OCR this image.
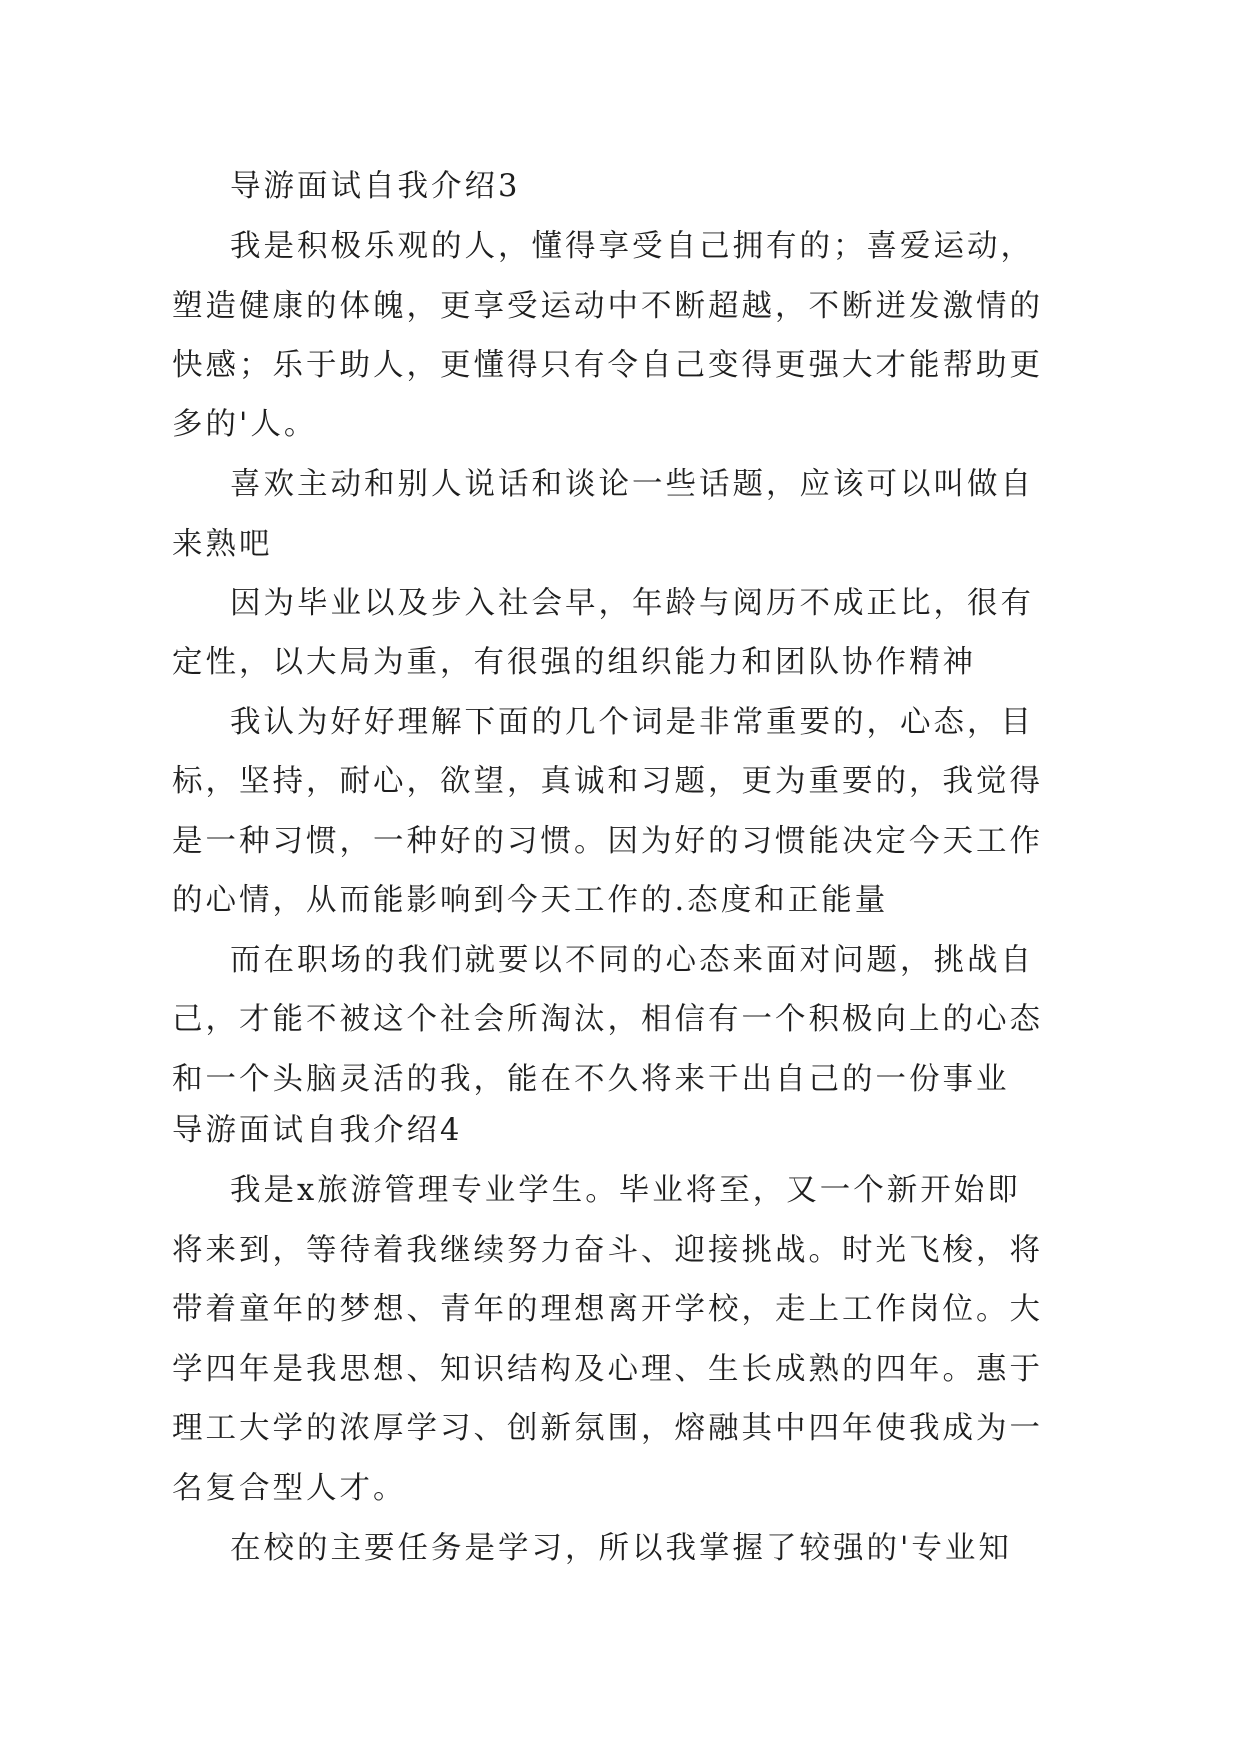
导游面试自我介绍3

我是积极乐观的人，懂得享受自己拥有的；喜爱运动，

塑造健康的体魄，更享受运动中不断超越，不断迸发激情的

快感；乐于助人，更懂得只有令自己变得更强大才能帮助更

多的'人。

喜欢主动和别人说话和谈论一些话题，应该可以叫做自

来熟吧

因为毕业以及步入社会早，年龄与阅历不成正比，很有

定性，以大局为重，有很强的组织能力和团队协作精神

我认为好好理解下面的几个词是非常重要的，心态，目

标，坚持，耐心，欲望，真诚和习题，更为重要的，我觉得

是一种习惯，一种好的习惯。因为好的习惯能决定今天工作

的心情，从而能影响到今天工作的.态度和正能量

而在职场的我们就要以不同的心态来面对问题，挑战自

己，才能不被这个社会所淘汰，相信有一个积极向上的心态

和一个头脑灵活的我，能在不久将来干出自己的一份事业

导游面试自我介绍4

我是x旅游管理专业学生。毕业将至，又一个新开始即

将来到，等待着我继续努力奋斗、迎接挑战。时光飞梭，将

带着童年的梦想、青年的理想离开学校，走上工作岗位。大

学四年是我思想、知识结构及心理、生长成熟的四年。惠于

理工大学的浓厚学习、创新氛围，熔融其中四年使我成为一

名复合型人才。

在校的主要任务是学习，所以我掌握了较强的'专业知
